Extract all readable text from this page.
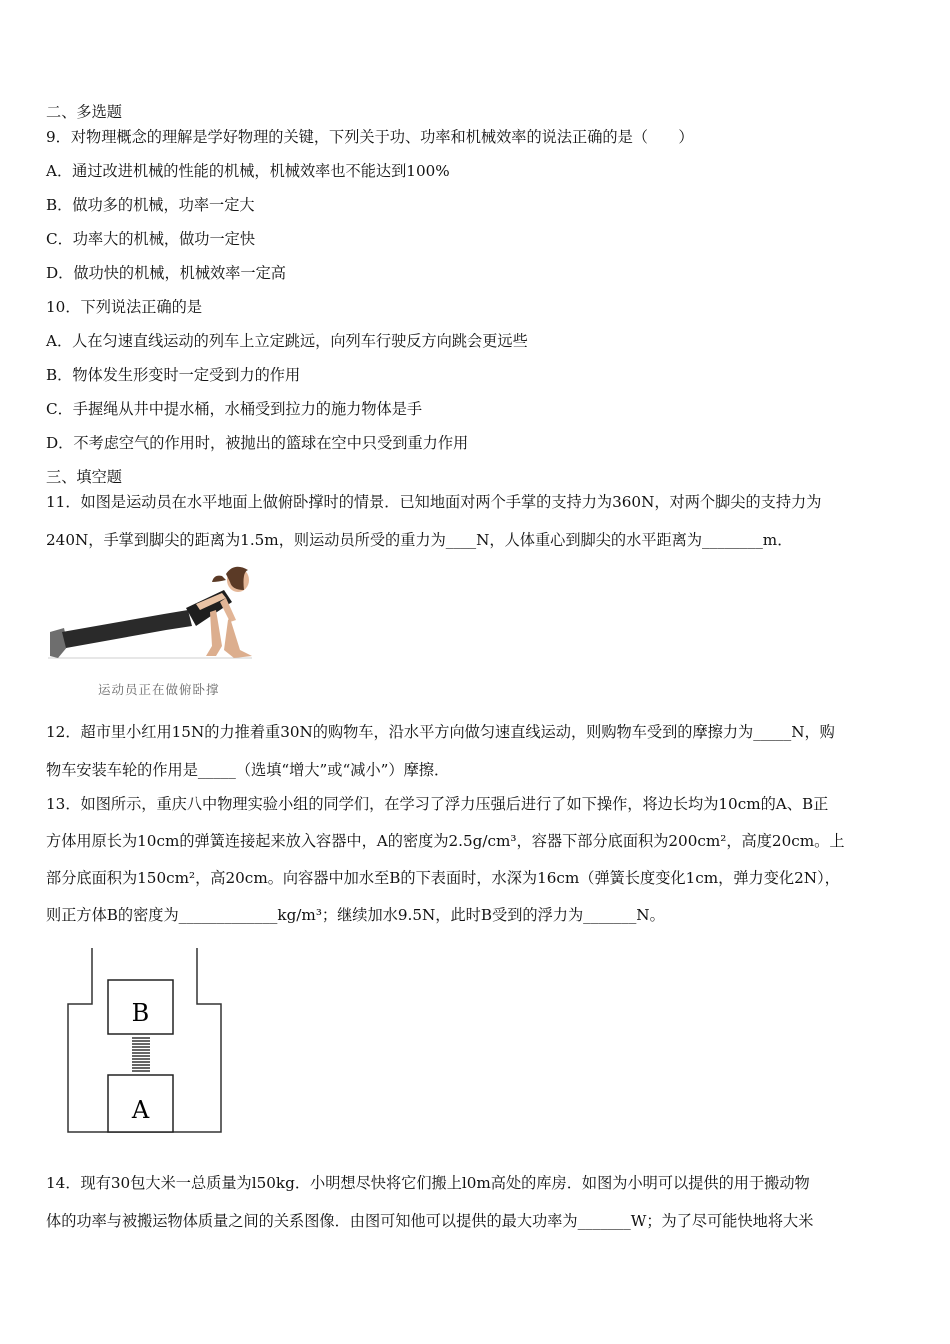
二、多选题
9．对物理概念的理解是学好物理的关键，下列关于功、功率和机械效率的说法正确的是（　　）
A．通过改进机械的性能的机械，机械效率也不能达到100%
B．做功多的机械，功率一定大
C．功率大的机械，做功一定快
D．做功快的机械，机械效率一定高
10．下列说法正确的是
A．人在匀速直线运动的列车上立定跳远，向列车行驶反方向跳会更远些
B．物体发生形变时一定受到力的作用
C．手握绳从井中提水桶，水桶受到拉力的施力物体是手
D．不考虑空气的作用时，被抛出的篮球在空中只受到重力作用
三、填空题
11．如图是运动员在水平地面上做俯卧撑时的情景．已知地面对两个手掌的支持力为360N，对两个脚尖的支持力为
240N，手掌到脚尖的距离为1.5m，则运动员所受的重力为____N，人体重心到脚尖的水平距离为________m．
运动员正在做俯卧撑
12．超市里小红用15N的力推着重30N的购物车，沿水平方向做匀速直线运动，则购物车受到的摩擦力为_____N，购
物车安装车轮的作用是_____（选填“增大”或“减小”）摩擦．
13．如图所示，重庆八中物理实验小组的同学们，在学习了浮力压强后进行了如下操作，将边长均为10cm的A、B正
方体用原长为10cm的弹簧连接起来放入容器中，A的密度为2.5g/cm³，容器下部分底面积为200cm²，高度20cm。上
部分底面积为150cm²，高20cm。向容器中加水至B的下表面时，水深为16cm（弹簧长度变化1cm，弹力变化2N），
则正方体B的密度为_____________kg/m³；继续加水9.5N，此时B受到的浮力为_______N。
B
A
14．现有30包大米一总质量为l50kg．小明想尽快将它们搬上l0m高处的库房．如图为小明可以提供的用于搬动物
体的功率与被搬运物体质量之间的关系图像．由图可知他可以提供的最大功率为_______W；为了尽可能快地将大米
